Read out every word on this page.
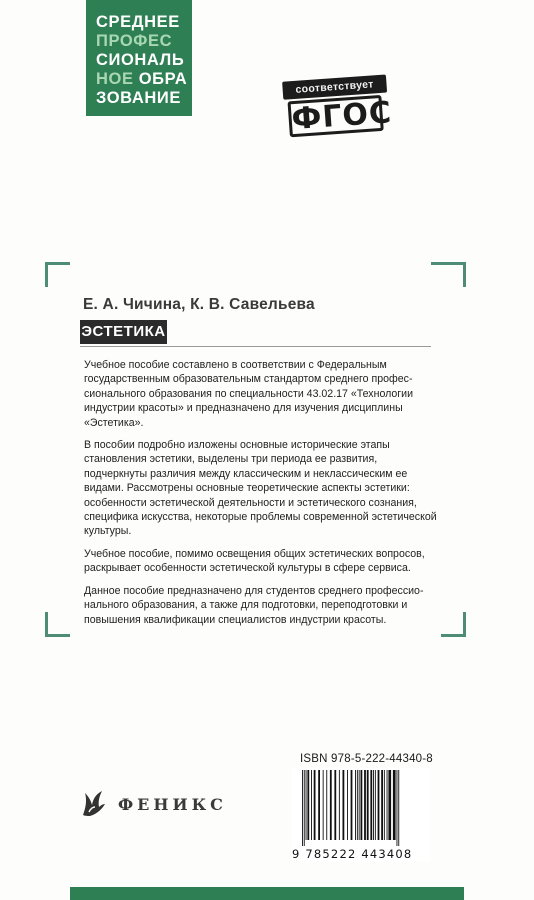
СРЕДНЕЕ
ПРОФЕС
СИОНАЛЬ
НОЕ ОБРА
ЗОВАНИЕ
соответствует
ФГОС
Е. А. Чичина, К. В. Савельева
ЭСТЕТИКА

Учебное пособие составлено в соответствии с Федеральным государственным образовательным стандартом среднего профессионального образования по специальности 43.02.17 «Технологии индустрии красоты» и предназначено для изучения дисциплины «Эстетика».

В пособии подробно изложены основные исторические этапы становления эстетики, выделены три периода ее развития, подчеркнуты различия между классическим и неклассическим ее видами. Рассмотрены основные теоретические аспекты эстетики: особенности эстетической деятельности и эстетического сознания, специфика искусства, некоторые проблемы современной эстетической культуры.

Учебное пособие, помимо освещения общих эстетических вопросов, раскрывает особенности эстетической культуры в сфере сервиса.

Данное пособие предназначено для студентов среднего профессионального образования, а также для подготовки, переподготовки и повышения квалификации специалистов индустрии красоты.

ISBN 978-5-222-44340-8
9 785222 443408
ФЕНИКС
